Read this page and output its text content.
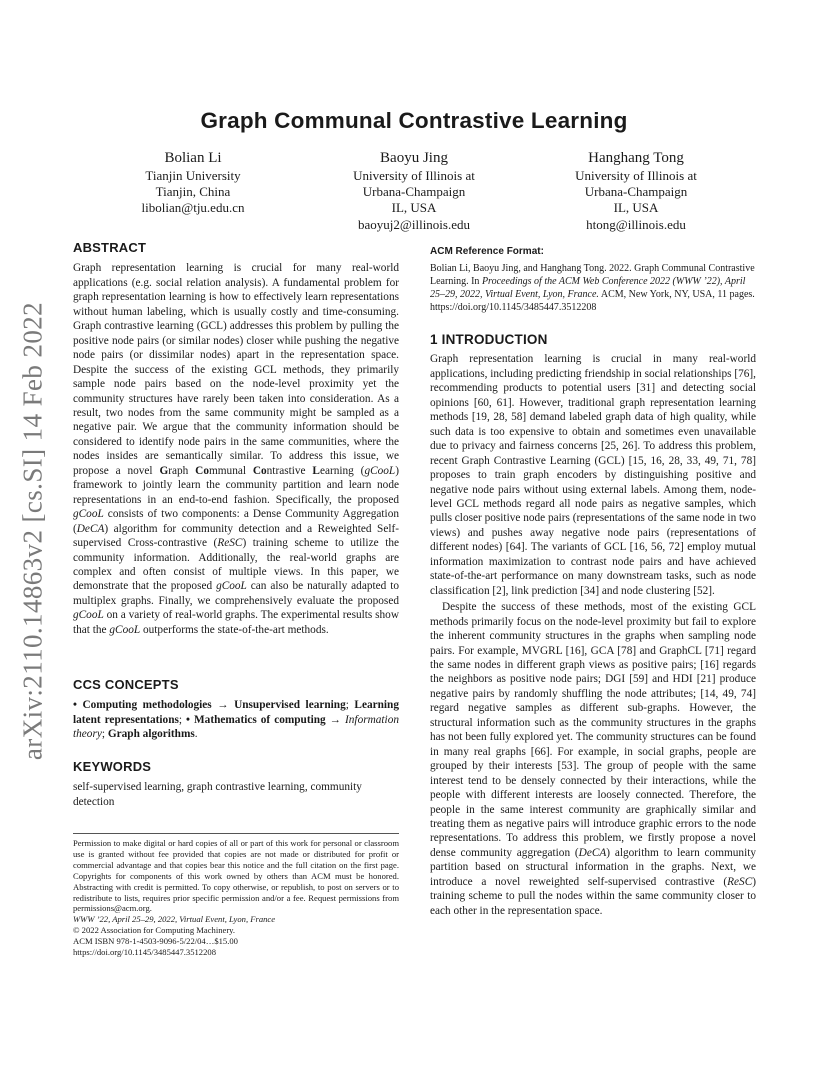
arXiv:2110.14863v2 [cs.SI] 14 Feb 2022
Graph Communal Contrastive Learning
Bolian Li
Tianjin University
Tianjin, China
libolian@tju.edu.cn
Baoyu Jing
University of Illinois at
Urbana-Champaign
IL, USA
baoyuj2@illinois.edu
Hanghang Tong
University of Illinois at
Urbana-Champaign
IL, USA
htong@illinois.edu
ABSTRACT

Graph representation learning is crucial for many real-world applications (e.g. social relation analysis). A fundamental problem for graph representation learning is how to effectively learn representations without human labeling, which is usually costly and time-consuming. Graph contrastive learning (GCL) addresses this problem by pulling the positive node pairs (or similar nodes) closer while pushing the negative node pairs (or dissimilar nodes) apart in the representation space. Despite the success of the existing GCL methods, they primarily sample node pairs based on the node-level proximity yet the community structures have rarely been taken into consideration. As a result, two nodes from the same community might be sampled as a negative pair. We argue that the community information should be considered to identify node pairs in the same communities, where the nodes insides are semantically similar. To address this issue, we propose a novel Graph Communal Contrastive Learning (gCooL) framework to jointly learn the community partition and learn node representations in an end-to-end fashion. Specifically, the proposed gCooL consists of two components: a Dense Community Aggregation (DeCA) algorithm for community detection and a Reweighted Self-supervised Cross-contrastive (ReSC) training scheme to utilize the community information. Additionally, the real-world graphs are complex and often consist of multiple views. In this paper, we demonstrate that the proposed gCooL can also be naturally adapted to multiplex graphs. Finally, we comprehensively evaluate the proposed gCooL on a variety of real-world graphs. The experimental results show that the gCooL outperforms the state-of-the-art methods.

CCS CONCEPTS

• Computing methodologies → Unsupervised learning; Learning latent representations; • Mathematics of computing → Information theory; Graph algorithms.

KEYWORDS

self-supervised learning, graph contrastive learning, community detection

Permission to make digital or hard copies of all or part of this work for personal or classroom use is granted without fee provided that copies are not made or distributed for profit or commercial advantage and that copies bear this notice and the full citation on the first page. Copyrights for components of this work owned by others than ACM must be honored. Abstracting with credit is permitted. To copy otherwise, or republish, to post on servers or to redistribute to lists, requires prior specific permission and/or a fee. Request permissions from permissions@acm.org.

WWW ’22, April 25–29, 2022, Virtual Event, Lyon, France

© 2022 Association for Computing Machinery.

ACM ISBN 978-1-4503-9096-5/22/04…$15.00

https://doi.org/10.1145/3485447.3512208

ACM Reference Format:

Bolian Li, Baoyu Jing, and Hanghang Tong. 2022. Graph Communal Contrastive Learning. In Proceedings of the ACM Web Conference 2022 (WWW ’22), April 25–29, 2022, Virtual Event, Lyon, France. ACM, New York, NY, USA, 11 pages. https://doi.org/10.1145/3485447.3512208

1 INTRODUCTION

Graph representation learning is crucial in many real-world applications, including predicting friendship in social relationships [76], recommending products to potential users [31] and detecting social opinions [60, 61]. However, traditional graph representation learning methods [19, 28, 58] demand labeled graph data of high quality, while such data is too expensive to obtain and sometimes even unavailable due to privacy and fairness concerns [25, 26]. To address this problem, recent Graph Contrastive Learning (GCL) [15, 16, 28, 33, 49, 71, 78] proposes to train graph encoders by distinguishing positive and negative node pairs without using external labels. Among them, node-level GCL methods regard all node pairs as negative samples, which pulls closer positive node pairs (representations of the same node in two views) and pushes away negative node pairs (representations of different nodes) [64]. The variants of GCL [16, 56, 72] employ mutual information maximization to contrast node pairs and have achieved state-of-the-art performance on many downstream tasks, such as node classification [2], link prediction [34] and node clustering [52].

Despite the success of these methods, most of the existing GCL methods primarily focus on the node-level proximity but fail to explore the inherent community structures in the graphs when sampling node pairs. For example, MVGRL [16], GCA [78] and GraphCL [71] regard the same nodes in different graph views as positive pairs; [16] regards the neighbors as positive node pairs; DGI [59] and HDI [21] produce negative pairs by randomly shuffling the node attributes; [14, 49, 74] regard negative samples as different sub-graphs. However, the structural information such as the community structures in the graphs has not been fully explored yet. The community structures can be found in many real graphs [66]. For example, in social graphs, people are grouped by their interests [53]. The group of people with the same interest tend to be densely connected by their interactions, while the people with different interests are loosely connected. Therefore, the people in the same interest community are graphically similar and treating them as negative pairs will introduce graphic errors to the node representations. To address this problem, we firstly propose a novel dense community aggregation (DeCA) algorithm to learn community partition based on structural information in the graphs. Next, we introduce a novel reweighted self-supervised contrastive (ReSC) training scheme to pull the nodes within the same community closer to each other in the representation space.
